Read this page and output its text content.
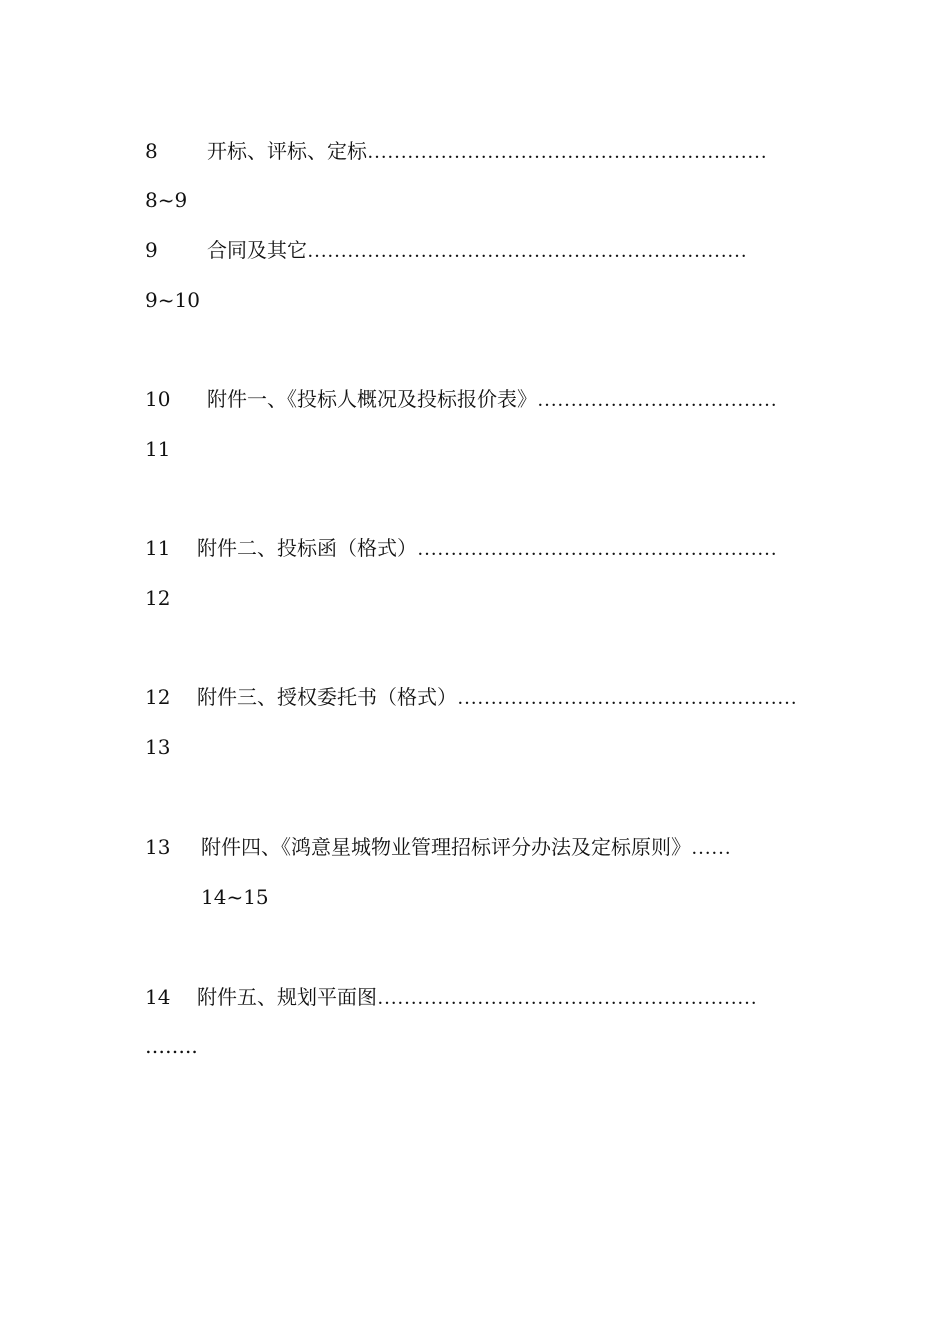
8 开标、评标、定标 ……………………………………………………
8~9
9 合同及其它 …………………………………………………………
9~10
10 附件一、《投标人概况及投标报价表》 ………………………………
11
11 附件二、投标函（格式） ………………………………………………
12
12 附件三、授权委托书（格式） ……………………………………………
13
13 附件四、《鸿意星城物业管理招标评分办法及定标原则》 ……
14~15
14 附件五、规划平面图 …………………………………………………
……..
